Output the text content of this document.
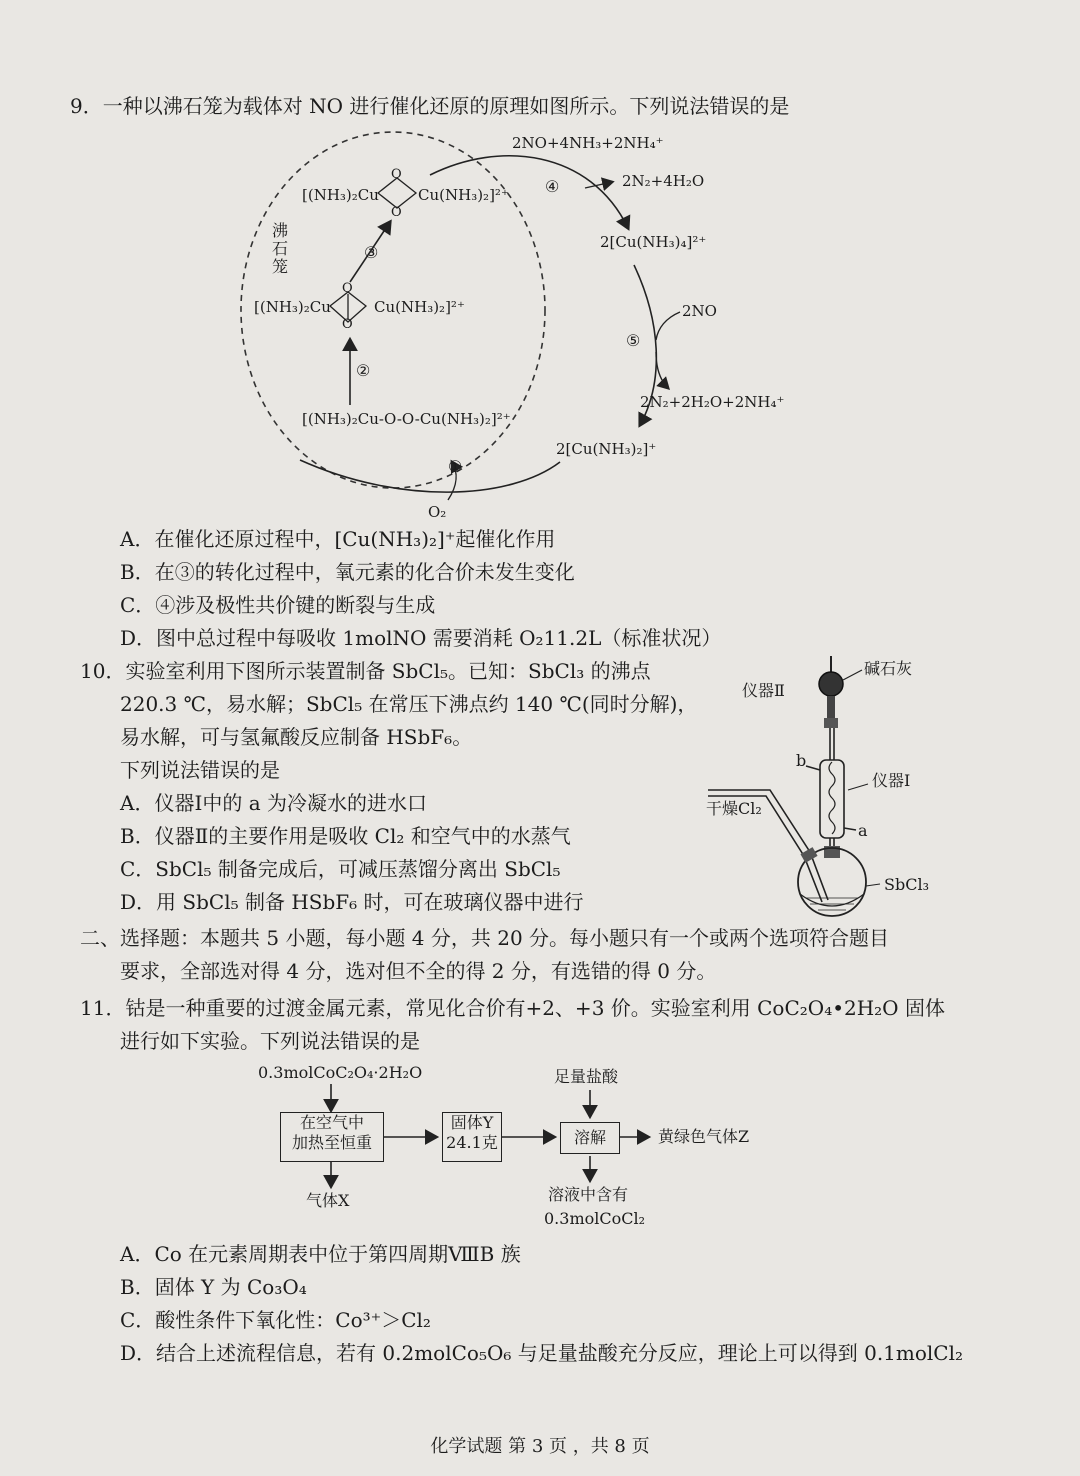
9．一种以沸石笼为载体对 NO 进行催化还原的原理如图所示。下列说法错误的是
沸
石
笼
2NO+4NH₃+2NH₄⁺
④	2N₂+4H₂O
2[Cu(NH₃)₄]²⁺
2NO
⑤
2N₂+2H₂O+2NH₄⁺
2[Cu(NH₃)₂]⁺
①
O₂
[(NH₃)₂Cu-O-O-Cu(NH₃)₂]²⁺
②
[(NH₃)₂Cu	Cu(NH₃)₂]²⁺
O
O
③
[(NH₃)₂Cu	Cu(NH₃)₂]²⁺
O
O
A．在催化还原过程中，[Cu(NH₃)₂]⁺起催化作用
B．在③的转化过程中，氧元素的化合价未发生变化
C．④涉及极性共价键的断裂与生成
D．图中总过程中每吸收 1molNO 需要消耗 O₂11.2L（标准状况）
10．实验室利用下图所示装置制备 SbCl₅。已知：SbCl₃ 的沸点
220.3 ℃，易水解；SbCl₅ 在常压下沸点约 140 ℃(同时分解)，
易水解，可与氢氟酸反应制备 HSbF₆。
下列说法错误的是
A．仪器Ⅰ中的 a 为冷凝水的进水口
B．仪器Ⅱ的主要作用是吸收 Cl₂ 和空气中的水蒸气
C．SbCl₅ 制备完成后，可减压蒸馏分离出 SbCl₅
D．用 SbCl₅ 制备 HSbF₆ 时，可在玻璃仪器中进行
碱石灰
仪器Ⅱ
b
仪器Ⅰ
干燥Cl₂
a
SbCl₃
二、选择题：本题共 5 小题，每小题 4 分，共 20 分。每小题只有一个或两个选项符合题目
要求，全部选对得 4 分，选对但不全的得 2 分，有选错的得 0 分。
11．钴是一种重要的过渡金属元素，常见化合价有+2、+3 价。实验室利用 CoC₂O₄•2H₂O 固体
进行如下实验。下列说法错误的是
0.3molCoC₂O₄·2H₂O
在空气中
加热至恒重
气体X
固体Y
24.1克
足量盐酸
溶解	黄绿色气体Z
溶液中含有
0.3molCoCl₂
A．Co 在元素周期表中位于第四周期ⅧB 族
B．固体 Y 为 Co₃O₄
C．酸性条件下氧化性：Co³⁺＞Cl₂
D．结合上述流程信息，若有 0.2molCo₅O₆ 与足量盐酸充分反应，理论上可以得到 0.1molCl₂
化学试题 第 3 页 ，共 8 页
